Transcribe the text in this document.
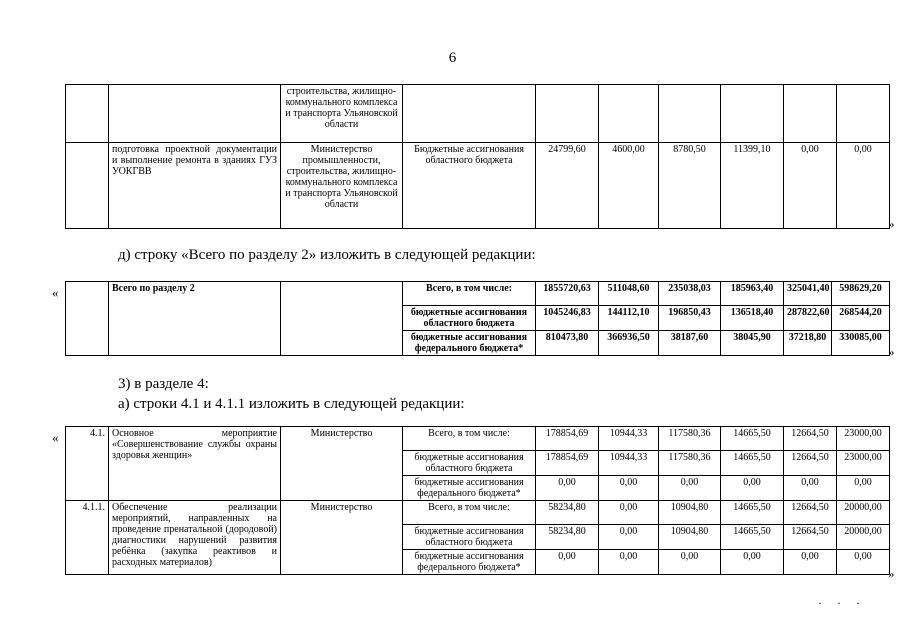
6
		строительства, жилищно-коммунального комплекса и транспорта Ульяновской области							
	подготовка проектной документации и выполнение ремонта в зданиях ГУЗ УОКГВВ	Министерство промышленности, строительства, жилищно-коммунального комплекса и транспорта Ульяновской области	Бюджетные ассигнования областного бюджета	24799,60	4600,00	8780,50	11399,10	0,00	0,00
»
д) строку «Всего по разделу 2» изложить в следующей редакции:
«
		Всего по разделу 2		Всего, в том числе:	1855720,63	511048,60	235038,03	185963,40	325041,40	598629,20
			бюджетные ассигнования областного бюджета	1045246,83	144112,10	196850,43	136518,40	287822,60	268544,20
			бюджетные ассигнования федерального бюджета*	810473,80	366936,50	38187,60	38045,90	37218,80	330085,00
»
3) в разделе 4:
а) строки 4.1 и 4.1.1 изложить в следующей редакции:
«	4.1.	Основное мероприятие «Совершенствование службы охраны здоровья женщин»	Министерство	Всего, в том числе:	178854,69	10944,33	117580,36	14665,50	12664,50	23000,00
			бюджетные ассигнования областного бюджета	178854,69	10944,33	117580,36	14665,50	12664,50	23000,00
			бюджетные ассигнования федерального бюджета*	0,00	0,00	0,00	0,00	0,00	0,00
4.1.1.	Обеспечение реализации мероприятий, направленных на проведение пренатальной (дородовой) диагностики нарушений развития ребёнка (закупка реактивов и расходных материалов)	Министерство	Всего, в том числе:	58234,80	0,00	10904,80	14665,50	12664,50	20000,00
			бюджетные ассигнования областного бюджета	58234,80	0,00	10904,80	14665,50	12664,50	20000,00
			бюджетные ассигнования федерального бюджета*	0,00	0,00	0,00	0,00	0,00	0,00
»
· · ·
